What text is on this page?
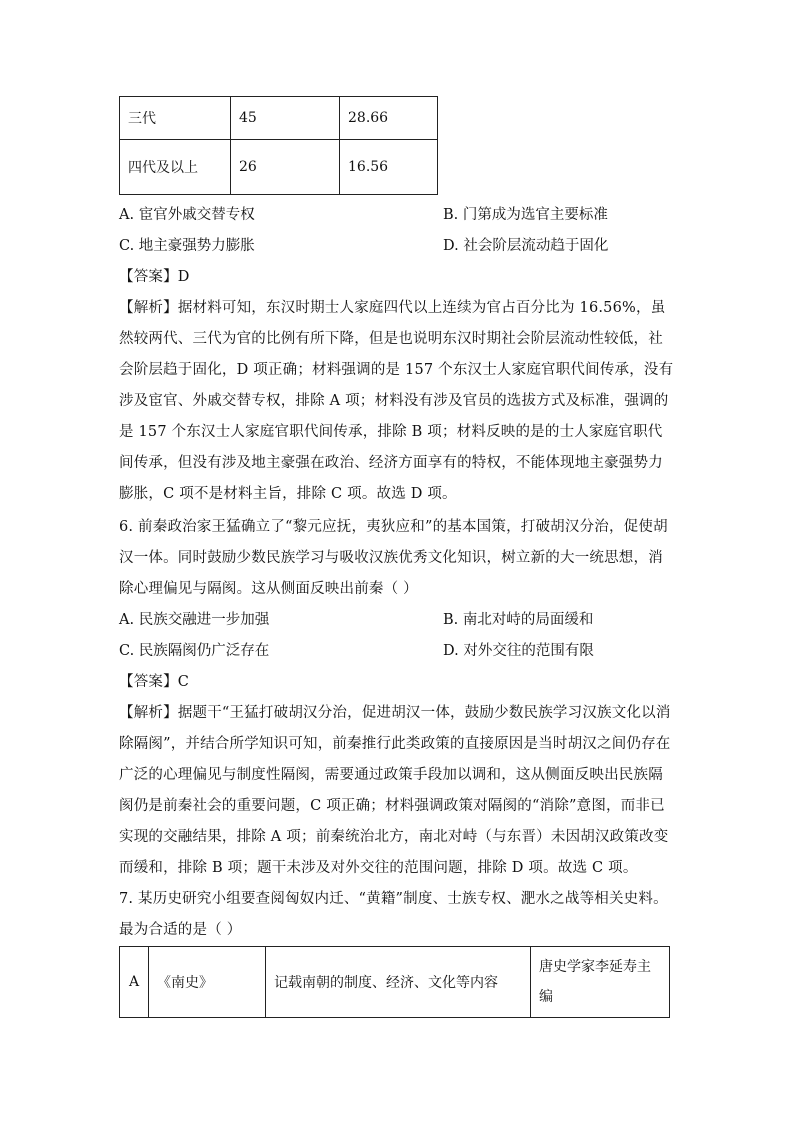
三代	45	28.66
四代及以上	26	16.56
A. 宦官外戚交替专权	B. 门第成为选官主要标准
C. 地主豪强势力膨胀	D. 社会阶层流动趋于固化
【答案】D
【解析】据材料可知，东汉时期士人家庭四代以上连续为官占百分比为 16.56%，虽然较两代、三代为官的比例有所下降，但是也说明东汉时期社会阶层流动性较低，社会阶层趋于固化，D 项正确；材料强调的是 157 个东汉士人家庭官职代间传承，没有涉及宦官、外戚交替专权，排除 A 项；材料没有涉及官员的选拔方式及标准，强调的是 157 个东汉士人家庭官职代间传承，排除 B 项；材料反映的是的士人家庭官职代间传承，但没有涉及地主豪强在政治、经济方面享有的特权，不能体现地主豪强势力膨胀，C 项不是材料主旨，排除 C 项。故选 D 项。
6. 前秦政治家王猛确立了“黎元应抚，夷狄应和”的基本国策，打破胡汉分治，促使胡汉一体。同时鼓励少数民族学习与吸收汉族优秀文化知识，树立新的大一统思想，消除心理偏见与隔阂。这从侧面反映出前秦（ ）
A. 民族交融进一步加强	B. 南北对峙的局面缓和
C. 民族隔阂仍广泛存在	D. 对外交往的范围有限
【答案】C
【解析】据题干“王猛打破胡汉分治，促进胡汉一体，鼓励少数民族学习汉族文化以消除隔阂”，并结合所学知识可知，前秦推行此类政策的直接原因是当时胡汉之间仍存在广泛的心理偏见与制度性隔阂，需要通过政策手段加以调和，这从侧面反映出民族隔阂仍是前秦社会的重要问题，C 项正确；材料强调政策对隔阂的“消除”意图，而非已实现的交融结果，排除 A 项；前秦统治北方，南北对峙（与东晋）未因胡汉政策改变而缓和，排除 B 项；题干未涉及对外交往的范围问题，排除 D 项。故选 C 项。
7. 某历史研究小组要查阅匈奴内迁、“黄籍”制度、士族专权、淝水之战等相关史料。最为合适的是（ ）
A	《南史》	记载南朝的制度、经济、文化等内容	唐史学家李延寿主编
